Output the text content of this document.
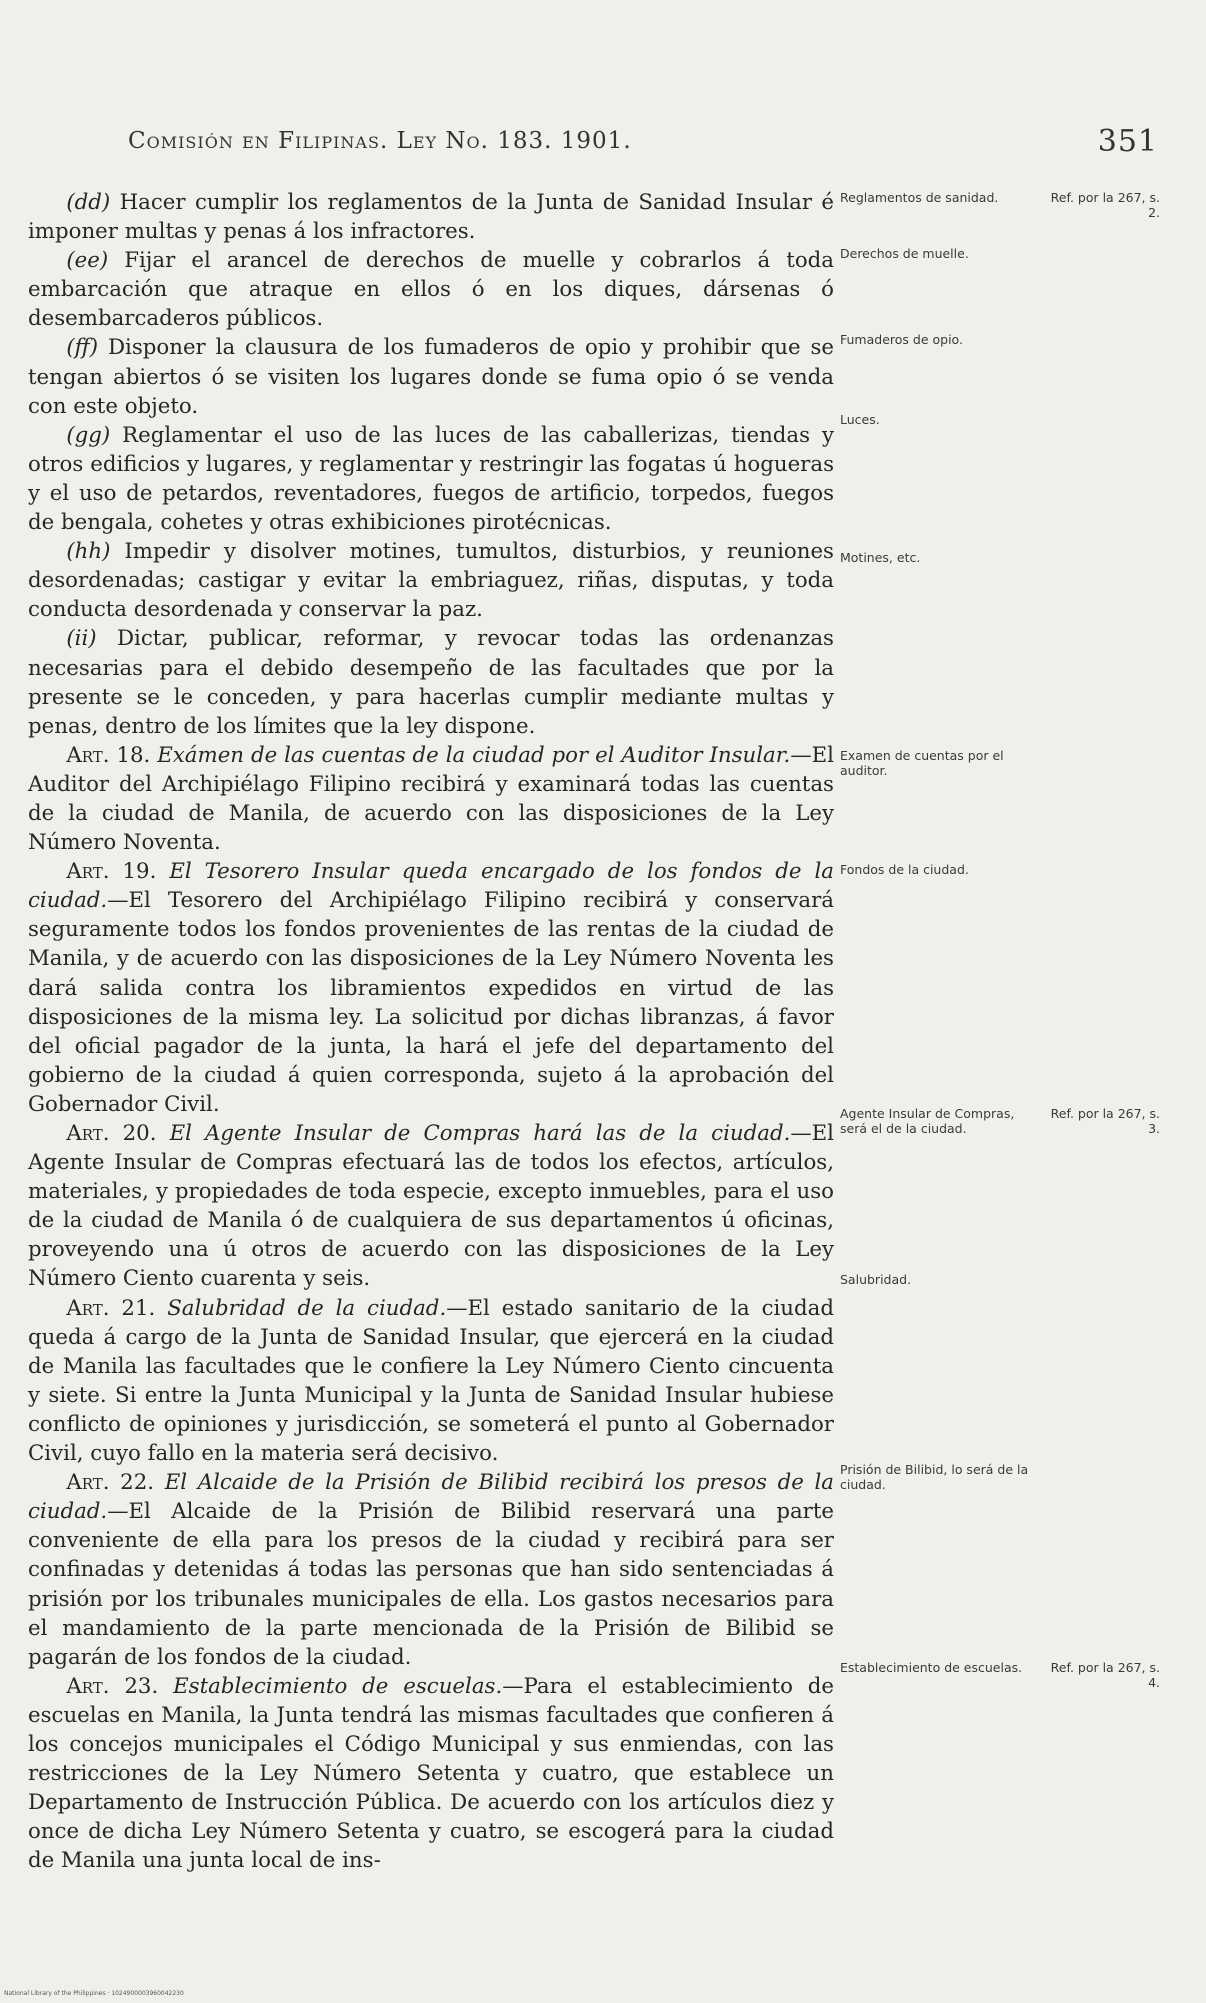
Comisión en Filipinas. Ley No. 183. 1901.	351

(dd) Hacer cumplir los reglamentos de la Junta de Sanidad Insular é imponer multas y penas á los infractores.

(ee) Fijar el arancel de derechos de muelle y cobrarlos á toda embarcación que atraque en ellos ó en los diques, dársenas ó desembarcaderos públicos.

(ff) Disponer la clausura de los fumaderos de opio y prohibir que se tengan abiertos ó se visiten los lugares donde se fuma opio ó se venda con este objeto.

(gg) Reglamentar el uso de las luces de las caballerizas, tiendas y otros edificios y lugares, y reglamentar y restringir las fogatas ú hogueras y el uso de petardos, reventadores, fuegos de artificio, torpedos, fuegos de bengala, cohetes y otras exhibiciones pirotécnicas.

(hh) Impedir y disolver motines, tumultos, disturbios, y reuniones desordenadas; castigar y evitar la embriaguez, riñas, disputas, y toda conducta desordenada y conservar la paz.

(ii) Dictar, publicar, reformar, y revocar todas las ordenanzas necesarias para el debido desempeño de las facultades que por la presente se le conceden, y para hacerlas cumplir mediante multas y penas, dentro de los límites que la ley dispone.

Art. 18. Exámen de las cuentas de la ciudad por el Auditor Insular.—El Auditor del Archipiélago Filipino recibirá y examinará todas las cuentas de la ciudad de Manila, de acuerdo con las disposiciones de la Ley Número Noventa.

Art. 19. El Tesorero Insular queda encargado de los fondos de la ciudad.—El Tesorero del Archipiélago Filipino recibirá y conservará seguramente todos los fondos provenientes de las rentas de la ciudad de Manila, y de acuerdo con las disposiciones de la Ley Número Noventa les dará salida contra los libramientos expedidos en virtud de las disposiciones de la misma ley. La solicitud por dichas libranzas, á favor del oficial pagador de la junta, la hará el jefe del departamento del gobierno de la ciudad á quien corresponda, sujeto á la aprobación del Gobernador Civil.

Art. 20. El Agente Insular de Compras hará las de la ciudad.—El Agente Insular de Compras efectuará las de todos los efectos, artículos, materiales, y propiedades de toda especie, excepto inmuebles, para el uso de la ciudad de Manila ó de cualquiera de sus departamentos ú oficinas, proveyendo una ú otros de acuerdo con las disposiciones de la Ley Número Ciento cuarenta y seis.

Art. 21. Salubridad de la ciudad.—El estado sanitario de la ciudad queda á cargo de la Junta de Sanidad Insular, que ejercerá en la ciudad de Manila las facultades que le confiere la Ley Número Ciento cincuenta y siete. Si entre la Junta Municipal y la Junta de Sanidad Insular hubiese conflicto de opiniones y jurisdicción, se someterá el punto al Gobernador Civil, cuyo fallo en la materia será decisivo.

Art. 22. El Alcaide de la Prisión de Bilibid recibirá los presos de la ciudad.—El Alcaide de la Prisión de Bilibid reservará una parte conveniente de ella para los presos de la ciudad y recibirá para ser confinadas y detenidas á todas las personas que han sido sentenciadas á prisión por los tribunales municipales de ella. Los gastos necesarios para el mandamiento de la parte mencionada de la Prisión de Bilibid se pagarán de los fondos de la ciudad.

Art. 23. Establecimiento de escuelas.—Para el establecimiento de escuelas en Manila, la Junta tendrá las mismas facultades que confieren á los concejos municipales el Código Municipal y sus enmiendas, con las restricciones de la Ley Número Setenta y cuatro, que establece un Departamento de Instrucción Pública. De acuerdo con los artículos diez y once de dicha Ley Número Setenta y cuatro, se escogerá para la ciudad de Manila una junta local de ins-

Reglamentos de sanidad.	Ref. por la 267, s. 2.
Derechos de muelle.
Fumaderos de opio.
Luces.
Motines, etc.
Examen de cuentas por el auditor.
Fondos de la ciudad.
Agente Insular de Compras, será el de la ciudad.
Ref. por la 267, s. 3.
Salubridad.
Prisión de Bilibid, lo será de la ciudad.
Establecimiento de escuelas.	Ref. por la 267, s. 4.
National Library of the Philippines · 1024900003960042230
